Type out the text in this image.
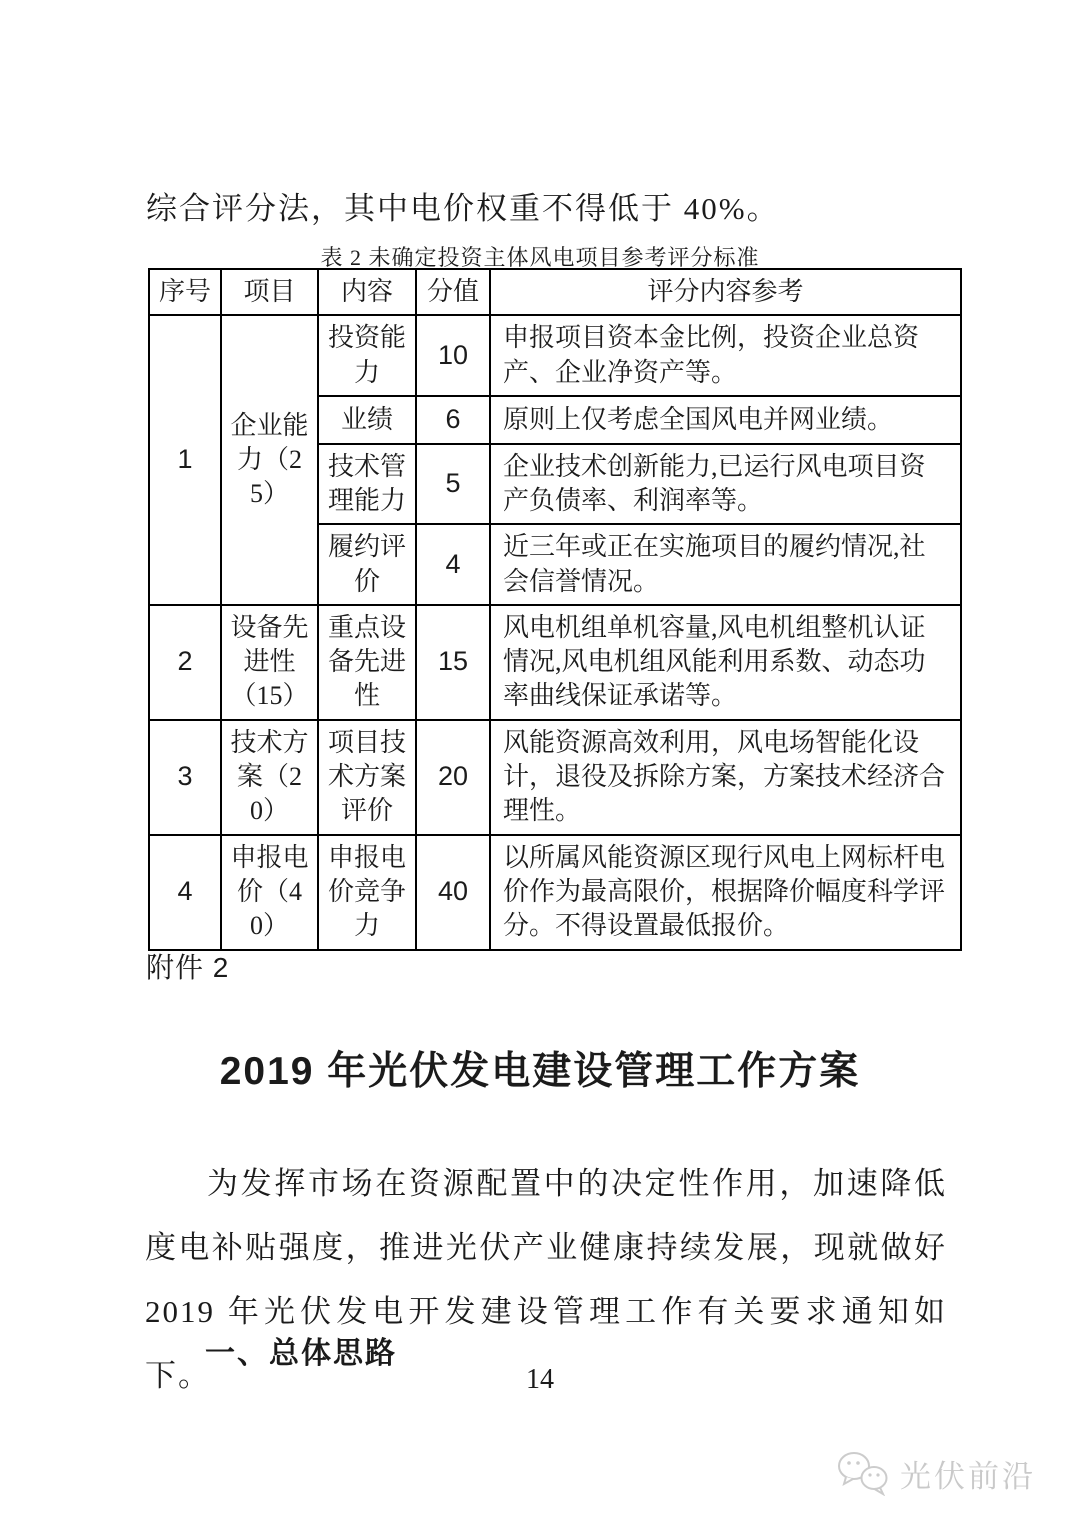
综合评分法，其中电价权重不得低于 40%。
表 2 未确定投资主体风电项目参考评分标准
序号	项目	内容	分值	评分内容参考
1	企业能力（25）	投资能力	10	申报项目资本金比例，投资企业总资产、企业净资产等。
		业绩	6	原则上仅考虑全国风电并网业绩。
		技术管理能力	5	企业技术创新能力,已运行风电项目资产负债率、利润率等。
		履约评价	4	近三年或正在实施项目的履约情况,社会信誉情况。
2	设备先进性（15）	重点设备先进性	15	风电机组单机容量,风电机组整机认证情况,风电机组风能利用系数、动态功率曲线保证承诺等。
3	技术方案（20）	项目技术方案评价	20	风能资源高效利用，风电场智能化设计，退役及拆除方案，方案技术经济合理性。
4	申报电价（40）	申报电价竞争力	40	以所属风能资源区现行风电上网标杆电价作为最高限价，根据降价幅度科学评分。不得设置最低报价。
附件 2
2019 年光伏发电建设管理工作方案
为发挥市场在资源配置中的决定性作用，加速降低度电补贴强度，推进光伏产业健康持续发展，现就做好 2019 年光伏发电开发建设管理工作有关要求通知如下。
一、总体思路
14
光伏前沿
